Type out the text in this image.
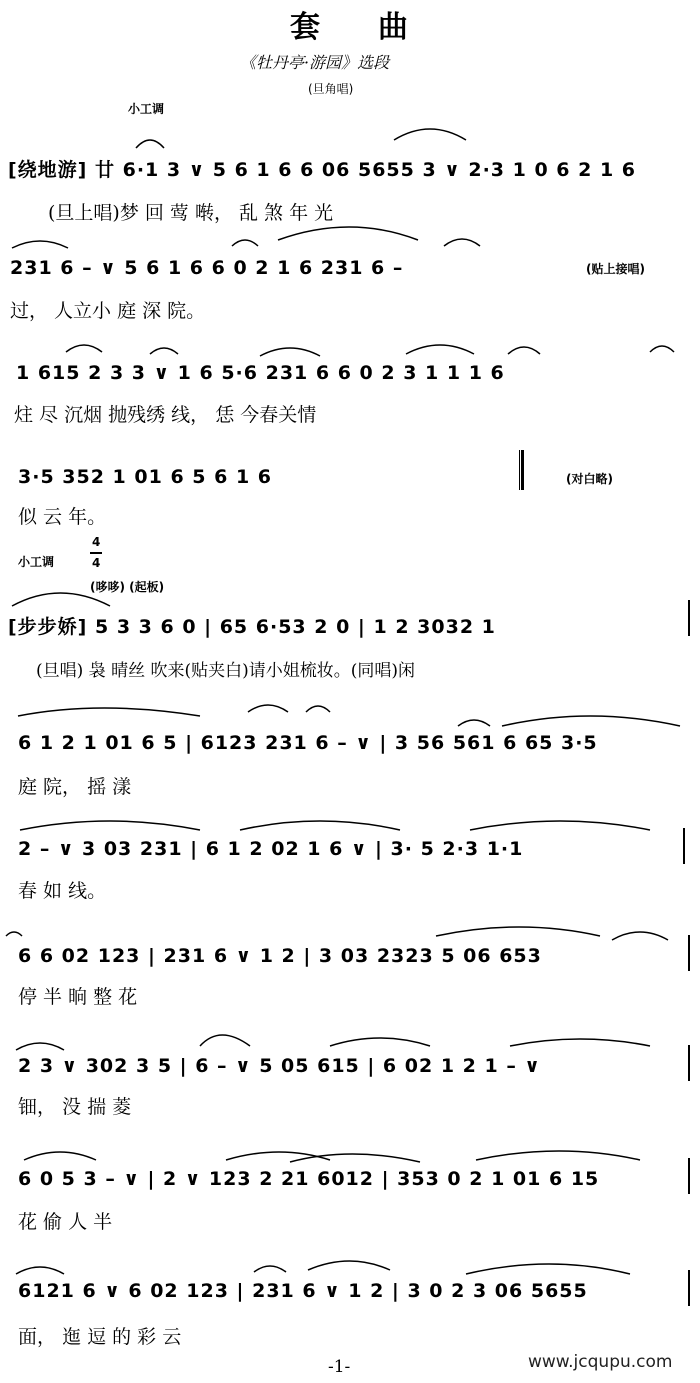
套曲
《牡丹亭·游园》选段
(旦角唱)
小工调
[绕地游] 廿 6·1 3 ∨ 5 6 1 6 6 06 5655 3 ∨ 2·3 1 0 6 2 1 6
(旦上唱)梦 回 莺 啭， 乱 煞 年 光
231 6 – ∨ 5 6 1 6 6 0 2 1 6 231 6 –	(贴上接唱)
过， 人立小 庭 深 院。
1 615 2 3 3 ∨ 1 6 5·6 231 6 6 0 2 3 1 1 1 6
炷 尽 沉烟 抛残绣 线， 恁 今春关情
3·5 352 1 01 6 5 6 1 6	(对白略)
似 云 年。
小工调
4
4
(哆哆) (起板)
[步步娇] 5 3 3 6 0 | 65 6·53 2 0 | 1 2 3032 1
(旦唱) 袅 晴丝 吹来(贴夹白)请小姐梳妆。(同唱)闲
6 1 2 1 01 6 5 | 6123 231 6 – ∨ | 3 56 561 6 65 3·5
庭 院， 摇 漾
2 – ∨ 3 03 231 | 6 1 2 02 1 6 ∨ | 3· 5 2·3 1·1
春 如 线。
6 6 02 123 | 231 6 ∨ 1 2 | 3 03 2323 5 06 653
停 半 晌 整 花
2 3 ∨ 302 3 5 | 6 – ∨ 5 05 615 | 6 02 1 2 1 – ∨
钿， 没 揣 菱
6 0 5 3 – ∨ | 2 ∨ 123 2 21 6012 | 353 0 2 1 01 6 15
花 偷 人 半
6121 6 ∨ 6 02 123 | 231 6 ∨ 1 2 | 3 0 2 3 06 5655
面， 迤 逗 的 彩 云
-1-	www.jcqupu.com
